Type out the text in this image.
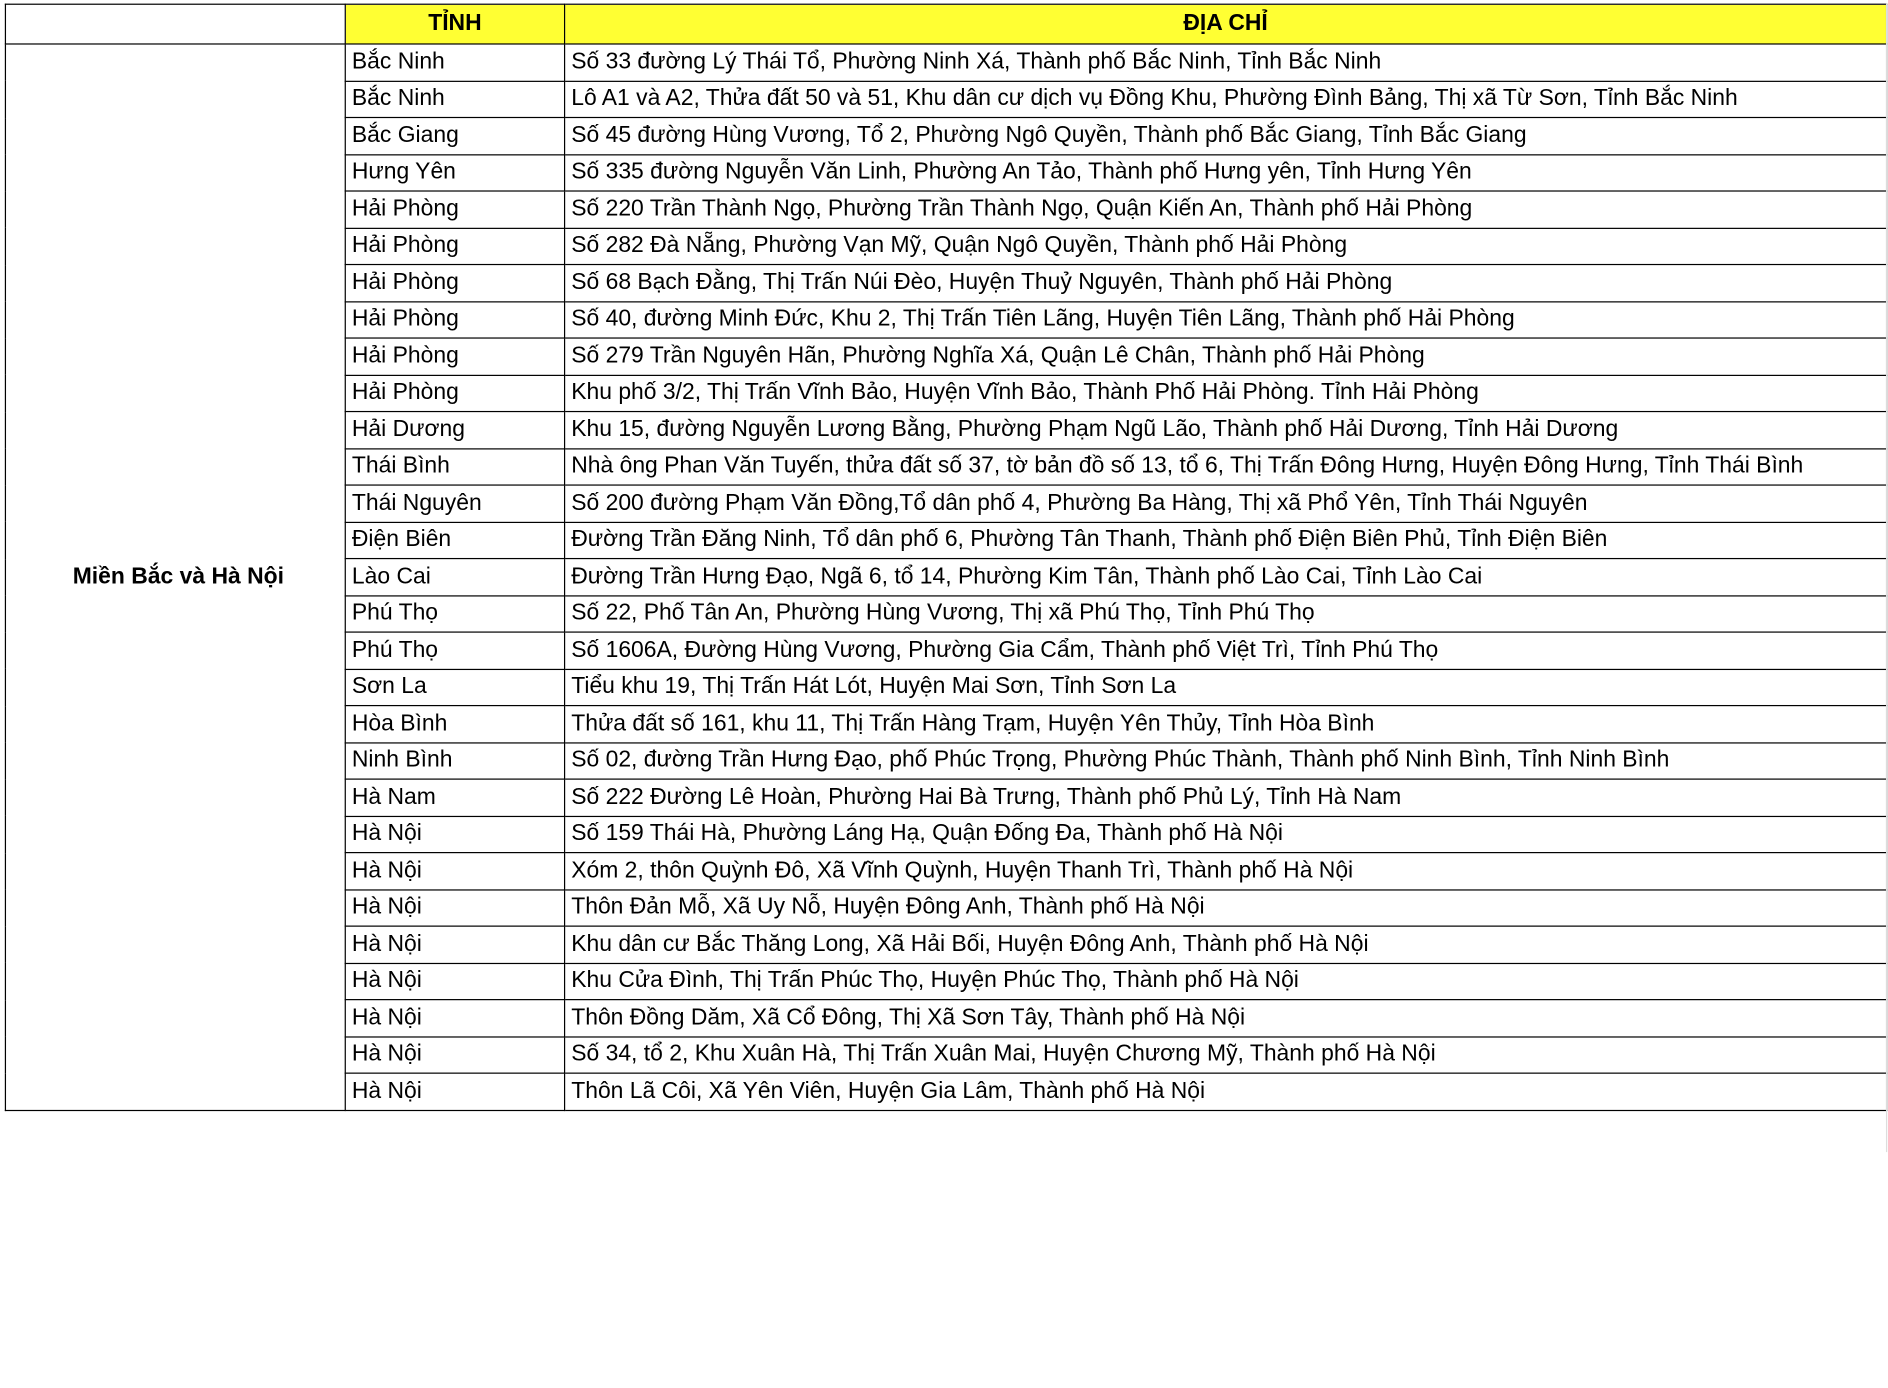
	TỈNH	ĐỊA CHỈ
Miền Bắc và Hà Nội	Bắc Ninh	Số 33 đường Lý Thái Tổ, Phường Ninh Xá, Thành phố Bắc Ninh, Tỉnh Bắc Ninh
	Bắc Ninh	Lô A1 và A2, Thửa đất 50 và 51, Khu dân cư dịch vụ Đồng Khu, Phường Đình Bảng, Thị xã Từ Sơn, Tỉnh Bắc Ninh
	Bắc Giang	Số 45 đường Hùng Vương, Tổ 2, Phường Ngô Quyền, Thành phố Bắc Giang, Tỉnh Bắc Giang
	Hưng Yên	Số 335 đường Nguyễn Văn Linh, Phường An Tảo, Thành phố Hưng yên, Tỉnh Hưng Yên
	Hải Phòng	Số 220 Trần Thành Ngọ, Phường Trần Thành Ngọ, Quận Kiến An, Thành phố Hải Phòng
	Hải Phòng	Số 282 Đà Nẵng, Phường Vạn Mỹ, Quận Ngô Quyền, Thành phố Hải Phòng
	Hải Phòng	Số 68 Bạch Đằng, Thị Trấn Núi Đèo, Huyện Thuỷ Nguyên, Thành phố Hải Phòng
	Hải Phòng	Số 40, đường Minh Đức, Khu 2, Thị Trấn Tiên Lãng, Huyện Tiên Lãng, Thành phố Hải Phòng
	Hải Phòng	Số 279 Trần Nguyên Hãn, Phường Nghĩa Xá, Quận Lê Chân, Thành phố Hải Phòng
	Hải Phòng	Khu phố 3/2, Thị Trấn Vĩnh Bảo, Huyện Vĩnh Bảo, Thành Phố Hải Phòng. Tỉnh Hải Phòng
	Hải Dương	Khu 15, đường Nguyễn Lương Bằng, Phường Phạm Ngũ Lão, Thành phố Hải Dương, Tỉnh Hải Dương
	Thái Bình	Nhà ông Phan Văn Tuyến, thửa đất số 37, tờ bản đồ số 13, tổ 6, Thị Trấn Đông Hưng, Huyện Đông Hưng, Tỉnh Thái Bình
	Thái Nguyên	Số 200 đường Phạm Văn Đồng,Tổ dân phố 4, Phường Ba Hàng, Thị xã Phổ Yên, Tỉnh Thái Nguyên
	Điện Biên	Đường Trần Đăng Ninh, Tổ dân phố 6, Phường Tân Thanh, Thành phố Điện Biên Phủ, Tỉnh Điện Biên
	Lào Cai	Đường Trần Hưng Đạo, Ngã 6, tổ 14, Phường Kim Tân, Thành phố Lào Cai, Tỉnh Lào Cai
	Phú Thọ	Số 22, Phố Tân An, Phường Hùng Vương, Thị xã Phú Thọ, Tỉnh Phú Thọ
	Phú Thọ	Số 1606A, Đường Hùng Vương, Phường Gia Cẩm, Thành phố Việt Trì, Tỉnh Phú Thọ
	Sơn La	Tiểu khu 19, Thị Trấn Hát Lót, Huyện Mai Sơn, Tỉnh Sơn La
	Hòa Bình	Thửa đất số 161, khu 11, Thị Trấn Hàng Trạm, Huyện Yên Thủy, Tỉnh Hòa Bình
	Ninh Bình	Số 02, đường Trần Hưng Đạo, phố Phúc Trọng, Phường Phúc Thành, Thành phố Ninh Bình, Tỉnh Ninh Bình
	Hà Nam	Số 222 Đường Lê Hoàn, Phường Hai Bà Trưng, Thành phố Phủ Lý, Tỉnh Hà Nam
	Hà Nội	Số 159 Thái Hà, Phường Láng Hạ, Quận Đống Đa, Thành phố Hà Nội
	Hà Nội	Xóm 2, thôn Quỳnh Đô, Xã Vĩnh Quỳnh, Huyện Thanh Trì, Thành phố Hà Nội
	Hà Nội	Thôn Đản Mỗ, Xã Uy Nỗ, Huyện Đông Anh, Thành phố Hà Nội
	Hà Nội	Khu dân cư Bắc Thăng Long, Xã Hải Bối, Huyện Đông Anh, Thành phố Hà Nội
	Hà Nội	Khu Cửa Đình, Thị Trấn Phúc Thọ, Huyện Phúc Thọ, Thành phố Hà Nội
	Hà Nội	Thôn Đồng Dăm, Xã Cổ Đông, Thị Xã Sơn Tây, Thành phố Hà Nội
	Hà Nội	Số 34, tổ 2, Khu Xuân Hà, Thị Trấn Xuân Mai, Huyện Chương Mỹ, Thành phố Hà Nội
	Hà Nội	Thôn Lã Côi, Xã Yên Viên, Huyện Gia Lâm, Thành phố Hà Nội
